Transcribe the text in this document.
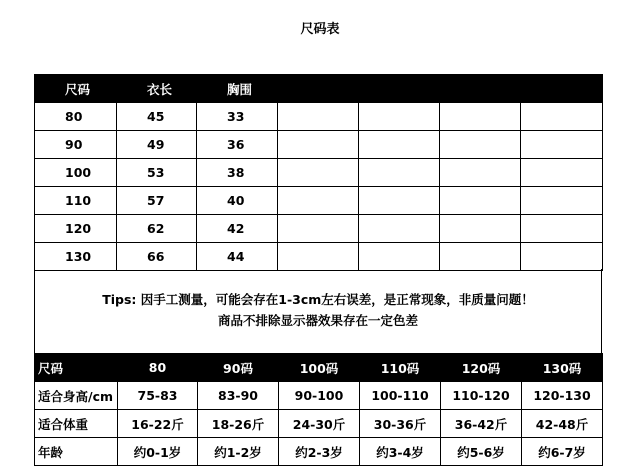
尺码表
尺码	衣长	胸围				
80	45	33				
90	49	36				
100	53	38				
110	57	40				
120	62	42				
130	66	44				
Tips: 因手工测量，可能会存在1-3cm左右误差，是正常现象，非质量问题！
商品不排除显示器效果存在一定色差
尺码	80	90码	100码	110码	120码	130码
适合身高/cm	75-83	83-90	90-100	100-110	110-120	120-130
适合体重	16-22斤	18-26斤	24-30斤	30-36斤	36-42斤	42-48斤
年龄	约0-1岁	约1-2岁	约2-3岁	约3-4岁	约5-6岁	约6-7岁
